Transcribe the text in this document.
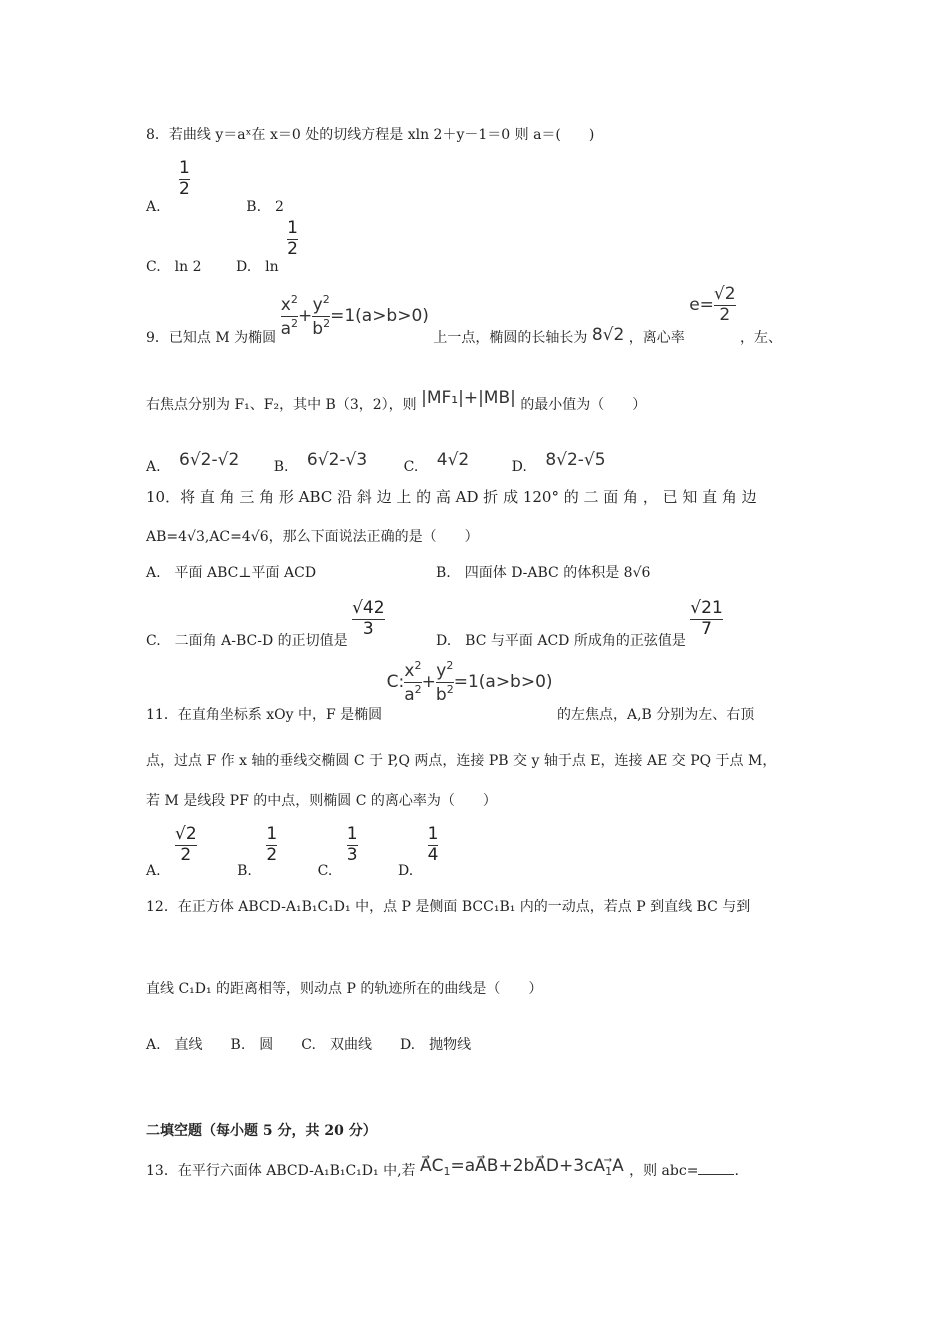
8．若曲线 y＝aˣ在 x＝0 处的切线方程是 xln 2＋y－1＝0 则 a＝(　　)
A.
$\frac{1}{2}$
B.　2
C.　ln 2 D.　ln
$\frac{1}{2}$
9．已知点 M 为椭圆 $\frac{x^2}{a^2} + \frac{y^2}{b^2} =1(a>b>0)$ 上一点，椭圆的长轴长为 8√2 ，离心率 $e= \frac{√2}{2}$
，左、
右焦点分别为 F₁、F₂，其中 B（3，2），则 |MF₁|+|MB| 的最小值为（　　）
A. 6√2-√2 B. 6√2-√3	C. 4√2	D. 8√2-√5
10．将 直 角 三 角 形 ABC 沿 斜 边 上 的 高 AD 折 成 120° 的 二 面 角 ， 已 知 直 角 边
AB=4√3,AC=4√6，那么下面说法正确的是（　　）
A.　平面 ABC⊥平面 ACD	B.　四面体 D-ABC 的体积是 8√6
C.　二面角 A-BC-D 的正切值是
$\frac{√42}{3}$
D.　BC 与平面 ACD 所成角的正弦值是
$\frac{√21}{7}$
11．在直角坐标系 xOy 中，F 是椭圆 C: $\frac{x^2}{a^2} + \frac{y^2}{b^2} =1(a>b>0)$ 的左焦点，A,B 分别为左、右顶
点，过点 F 作 x 轴的垂线交椭圆 C 于 P,Q 两点，连接 PB 交 y 轴于点 E，连接 AE 交 PQ 于点 M，
若 M 是线段 PF 的中点，则椭圆 C 的离心率为（　　）
A.
$\frac{√2}{2}$
B.
$\frac{1}{2}$
C.
$\frac{1}{3}$
D.
$\frac{1}{4}$
12．在正方体 ABCD-A₁B₁C₁D₁ 中，点 P 是侧面 BCC₁B₁ 内的一动点，若点 P 到直线 BC 与到
直线 C₁D₁ 的距离相等，则动点 P 的轨迹所在的曲线是（　　）
A.　直线　　B.　圆　　C.　双曲线　　D.　抛物线
二填空题（每小题 5 分，共 20 分）
13．在平行六面体 ABCD-A₁B₁C₁D₁ 中,若 $A⃗C_1=aA⃗B+2bA⃗D+3cA_1⃗A$ ，则 abc=	.
